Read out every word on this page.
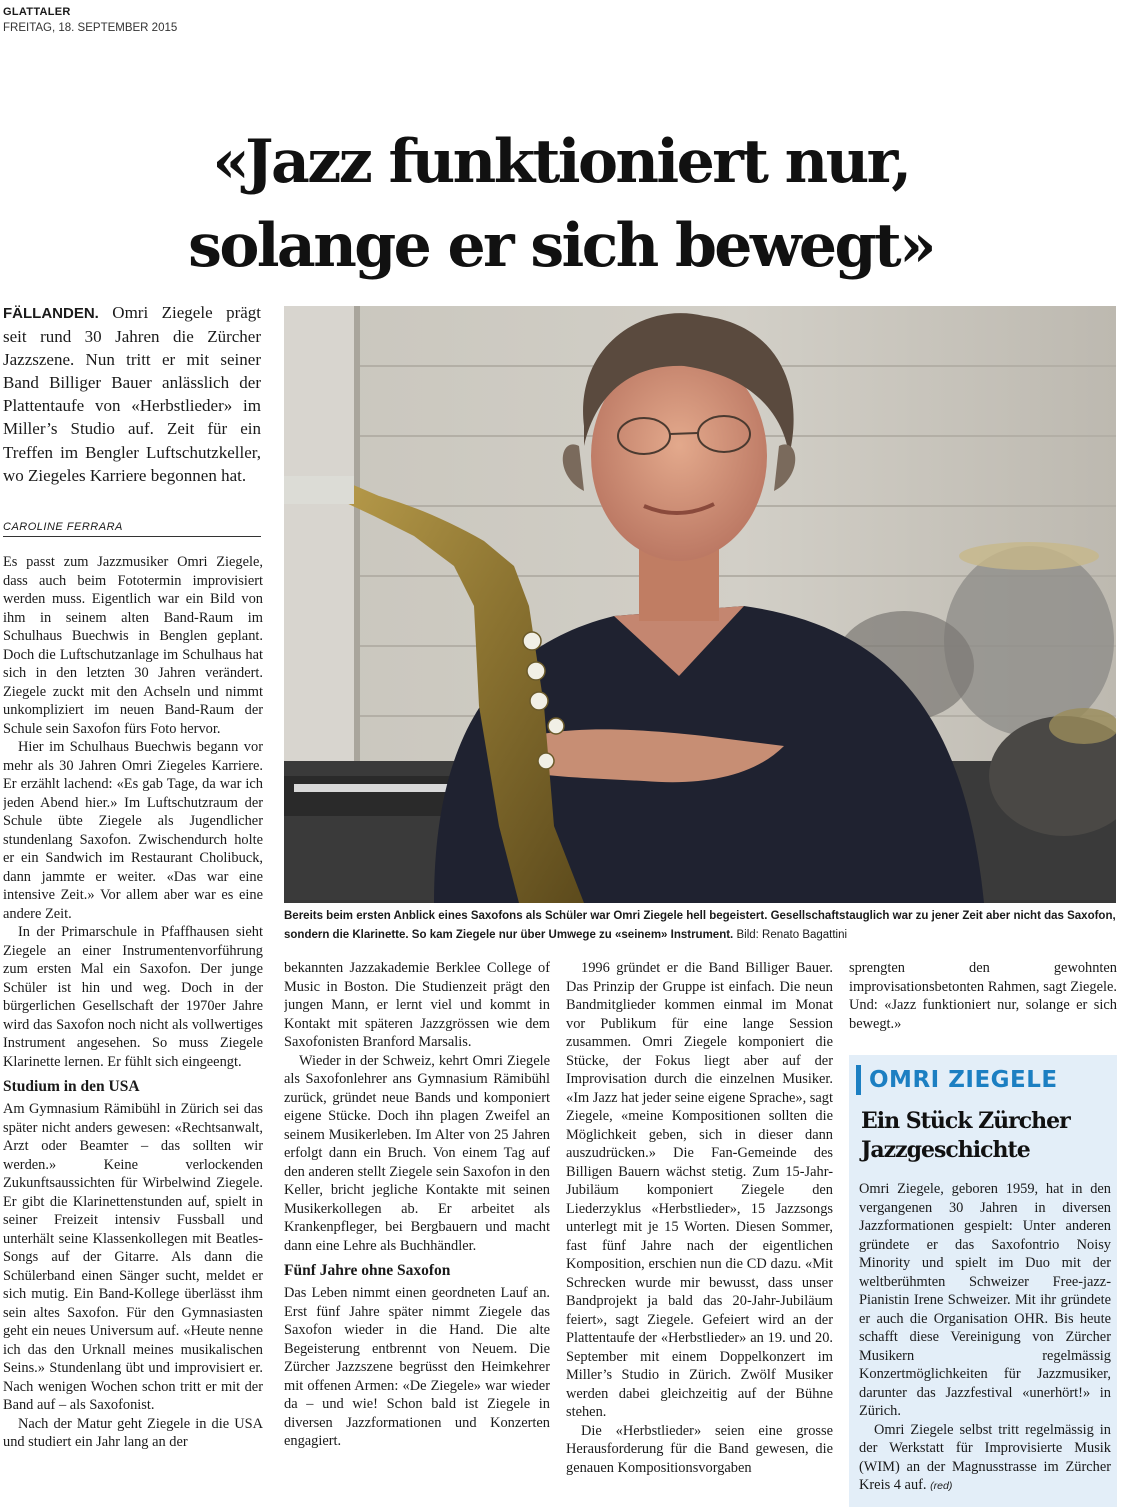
GLATTALER
FREITAG, 18. SEPTEMBER 2015
«Jazz funktioniert nur,
solange er sich bewegt»
FÄLLANDEN. Omri Ziegele prägt seit rund 30 Jahren die Zürcher Jazzszene. Nun tritt er mit seiner Band Billiger Bauer anlässlich der Plattentaufe von «Herbstlieder» im Miller’s Studio auf. Zeit für ein Treffen im Bengler Luftschutzkeller, wo Ziegeles Karriere begonnen hat.
CAROLINE FERRARA

Es passt zum Jazzmusiker Omri Ziegele, dass auch beim Fototermin improvisiert werden muss. Eigentlich war ein Bild von ihm in seinem alten Band-Raum im Schulhaus Buechwis in Benglen geplant. Doch die Luftschutzanlage im Schulhaus hat sich in den letzten 30 Jahren verändert. Ziegele zuckt mit den Achseln und nimmt unkompliziert im neuen Band-Raum der Schule sein Saxofon fürs Foto hervor.

Hier im Schulhaus Buechwis begann vor mehr als 30 Jahren Omri Ziegeles Karriere. Er erzählt lachend: «Es gab Tage, da war ich jeden Abend hier.» Im Luftschutzraum der Schule übte Ziegele als Jugendlicher stundenlang Saxofon. Zwischendurch holte er ein Sandwich im Restaurant Cholibuck, dann jammte er weiter. «Das war eine intensive Zeit.» Vor allem aber war es eine andere Zeit.

In der Primarschule in Pfaffhausen sieht Ziegele an einer Instrumentenvorführung zum ersten Mal ein Saxofon. Der junge Schüler ist hin und weg. Doch in der bürgerlichen Gesellschaft der 1970er Jahre wird das Saxofon noch nicht als vollwertiges Instrument angesehen. So muss Ziegele Klarinette lernen. Er fühlt sich eingeengt.

Studium in den USA

Am Gymnasium Rämibühl in Zürich sei das später nicht anders gewesen: «Rechtsanwalt, Arzt oder Beamter – das sollten wir werden.» Keine verlockenden Zukunftsaussichten für Wirbelwind Ziegele. Er gibt die Klarinettenstunden auf, spielt in seiner Freizeit intensiv Fussball und unterhält seine Klassenkollegen mit Beatles-Songs auf der Gitarre. Als dann die Schülerband einen Sänger sucht, meldet er sich mutig. Ein Band-Kollege überlässt ihm sein altes Saxofon. Für den Gymnasiasten geht ein neues Universum auf. «Heute nenne ich das den Urknall meines musikalischen Seins.» Stundenlang übt und improvisiert er. Nach wenigen Wochen schon tritt er mit der Band auf – als Saxofonist.

Nach der Matur geht Ziegele in die USA und studiert ein Jahr lang an der

Bereits beim ersten Anblick eines Saxofons als Schüler war Omri Ziegele hell begeistert. Gesellschaftstauglich war zu jener Zeit aber nicht das Saxofon, sondern die Klarinette. So kam Ziegele nur über Umwege zu «seinem» Instrument. Bild: Renato Bagattini

bekannten Jazzakademie Berklee College of Music in Boston. Die Studienzeit prägt den jungen Mann, er lernt viel und kommt in Kontakt mit späteren Jazzgrössen wie dem Saxofonisten Branford Marsalis.

Wieder in der Schweiz, kehrt Omri Ziegele als Saxofonlehrer ans Gymnasium Rämibühl zurück, gründet neue Bands und komponiert eigene Stücke. Doch ihn plagen Zweifel an seinem Musikerleben. Im Alter von 25 Jahren erfolgt dann ein Bruch. Von einem Tag auf den anderen stellt Ziegele sein Saxofon in den Keller, bricht jegliche Kontakte mit seinen Musikerkollegen ab. Er arbeitet als Krankenpfleger, bei Bergbauern und macht dann eine Lehre als Buchhändler.

Fünf Jahre ohne Saxofon

Das Leben nimmt einen geordneten Lauf an. Erst fünf Jahre später nimmt Ziegele das Saxofon wieder in die Hand. Die alte Begeisterung entbrennt von Neuem. Die Zürcher Jazzszene begrüsst den Heimkehrer mit offenen Armen: «De Ziegele» war wieder da – und wie! Schon bald ist Ziegele in diversen Jazzformationen und Konzerten engagiert.

1996 gründet er die Band Billiger Bauer. Das Prinzip der Gruppe ist einfach. Die neun Bandmitglieder kommen einmal im Monat vor Publikum für eine lange Session zusammen. Omri Ziegele komponiert die Stücke, der Fokus liegt aber auf der Improvisation durch die einzelnen Musiker. «Im Jazz hat jeder seine eigene Sprache», sagt Ziegele, «meine Kompositionen sollten die Möglichkeit geben, sich in dieser dann auszudrücken.» Die Fan-Gemeinde des Billigen Bauern wächst stetig. Zum 15-Jahr-Jubiläum komponiert Ziegele den Liederzyklus «Herbstlieder», 15 Jazzsongs unterlegt mit je 15 Worten. Diesen Sommer, fast fünf Jahre nach der eigentlichen Komposition, erschien nun die CD dazu. «Mit Schrecken wurde mir bewusst, dass unser Bandprojekt ja bald das 20-Jahr-Jubiläum feiert», sagt Ziegele. Gefeiert wird an der Plattentaufe der «Herbstlieder» an 19. und 20. September mit einem Doppelkonzert im Miller’s Studio in Zürich. Zwölf Musiker werden dabei gleichzeitig auf der Bühne stehen.

Die «Herbstlieder» seien eine grosse Herausforderung für die Band gewesen, die genauen Kompositionsvorgaben

sprengten den gewohnten improvisationsbetonten Rahmen, sagt Ziegele. Und: «Jazz funktioniert nur, solange er sich bewegt.»

OMRI ZIEGELE
Ein Stück Zürcher Jazzgeschichte

Omri Ziegele, geboren 1959, hat in den vergangenen 30 Jahren in diversen Jazzformationen gespielt: Unter anderen gründete er das Saxofontrio Noisy Minority und spielt im Duo mit der weltberühmten Schweizer Free-jazz-Pianistin Irene Schweizer. Mit ihr gründete er auch die Organisation OHR. Bis heute schafft diese Vereinigung von Zürcher Musikern regelmässig Konzertmöglichkeiten für Jazzmusiker, darunter das Jazzfestival «unerhört!» in Zürich.

Omri Ziegele selbst tritt regelmässig in der Werkstatt für Improvisierte Musik (WIM) an der Magnusstrasse im Zürcher Kreis 4 auf. (red)
